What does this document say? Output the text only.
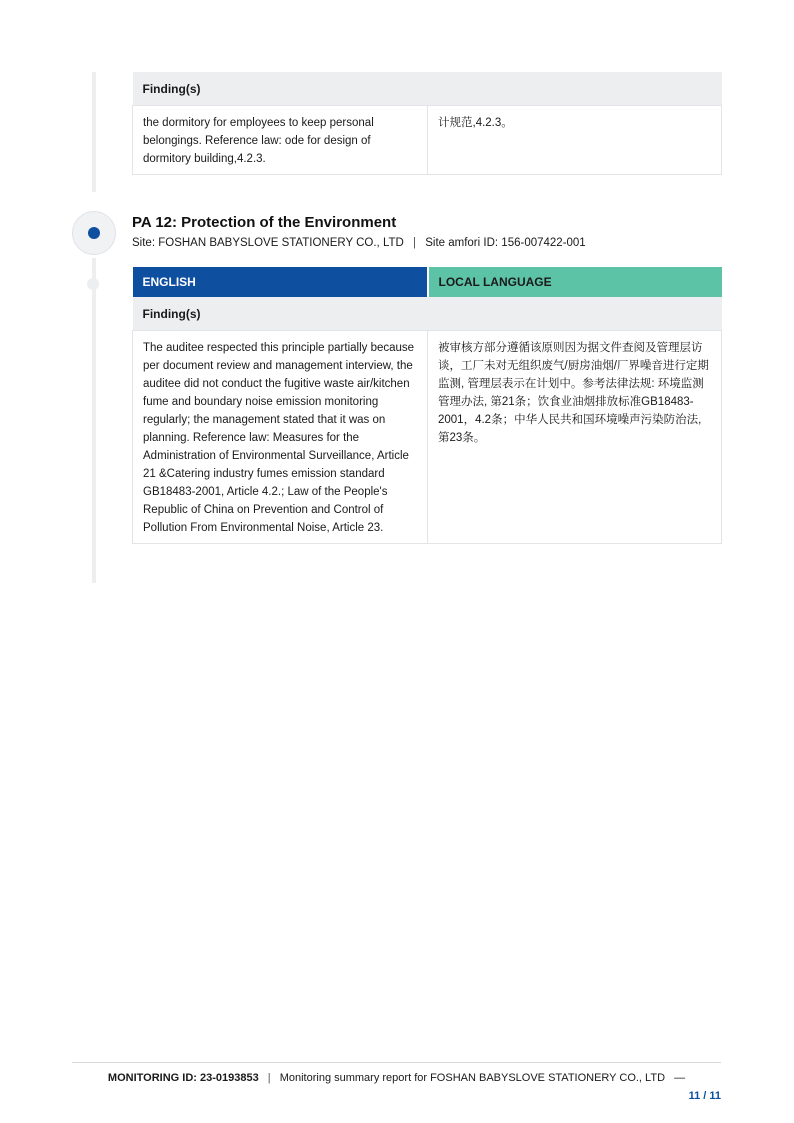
Finding(s)
the dormitory for employees to keep personal belongings. Reference law: ode for design of dormitory building,4.2.3.	计规范,4.2.3。
PA 12: Protection of the Environment
Site: FOSHAN BABYSLOVE STATIONERY CO., LTD | Site amfori ID: 156-007422-001
ENGLISH	LOCAL LANGUAGE
Finding(s)	
The auditee respected this principle partially because per document review and management interview, the auditee did not conduct the fugitive waste air/kitchen fume and boundary noise emission monitoring regularly; the management stated that it was on planning. Reference law: Measures for the Administration of Environmental Surveillance, Article 21 &Catering industry fumes emission standard GB18483-2001, Article 4.2.; Law of the People's Republic of China on Prevention and Control of Pollution From Environmental Noise, Article 23.	被审核方部分遵循该原则因为据文件查阅及管理层访谈，工厂未对无组织废气/厨房油烟/厂界噪音进行定期监测, 管理层表示在计划中。参考法律法规: 环境监测管理办法, 第21条；饮食业油烟排放标准GB18483-2001，4.2条；中华人民共和国环境噪声污染防治法,第23条。
MONITORING ID: 23-0193853 | Monitoring summary report for FOSHAN BABYSLOVE STATIONERY CO., LTD —
11 / 11
